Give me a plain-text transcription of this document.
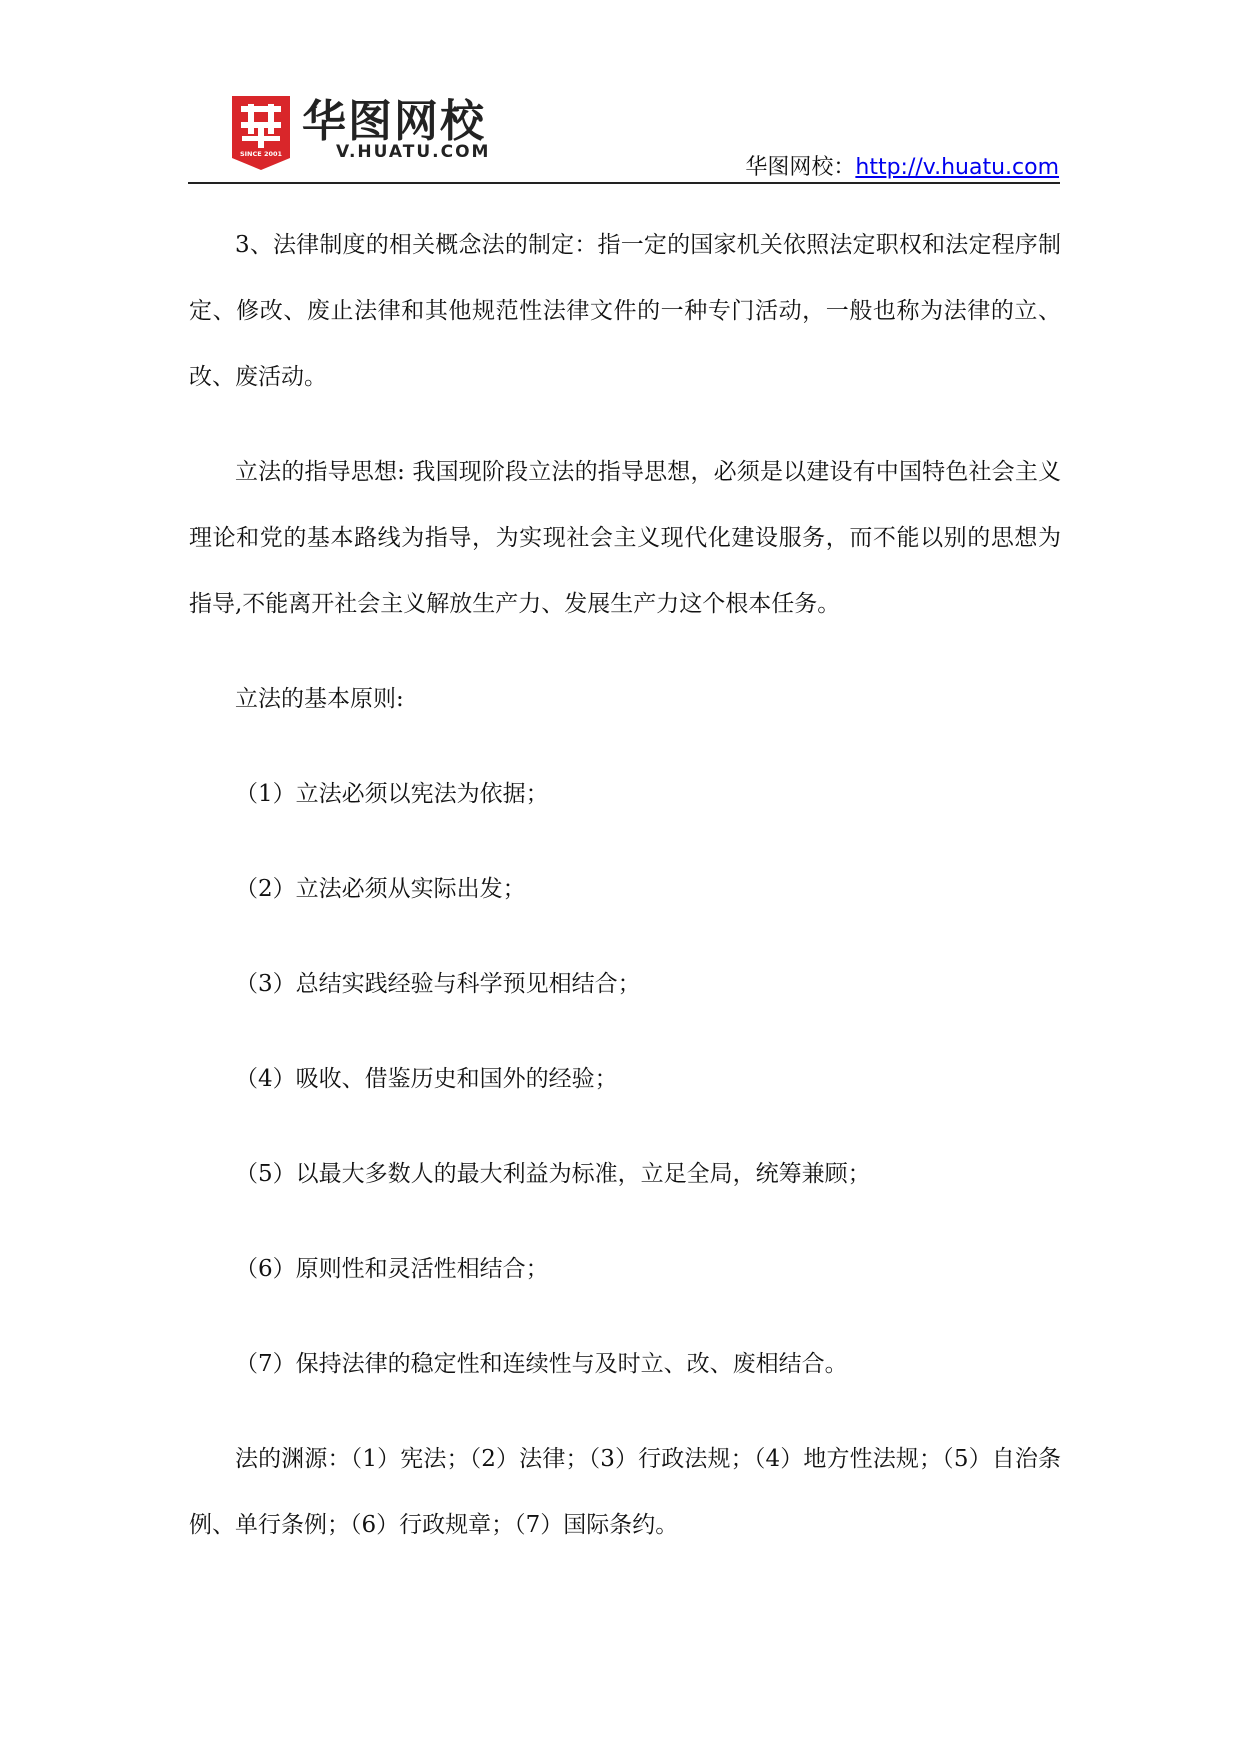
SINCE 2001
华图网校
V.HUATU.COM
华图网校：http://v.huatu.com

3、法律制度的相关概念法的制定：指一定的国家机关依照法定职权和法定程序制定、修改、废止法律和其他规范性法律文件的一种专门活动，一般也称为法律的立、改、废活动。

立法的指导思想: 我国现阶段立法的指导思想，必须是以建设有中国特色社会主义理论和党的基本路线为指导，为实现社会主义现代化建设服务，而不能以别的思想为指导,不能离开社会主义解放生产力、发展生产力这个根本任务。

立法的基本原则:

（1）立法必须以宪法为依据；

（2）立法必须从实际出发；

（3）总结实践经验与科学预见相结合；

（4）吸收、借鉴历史和国外的经验；

（5）以最大多数人的最大利益为标准，立足全局，统筹兼顾；

（6）原则性和灵活性相结合；

（7）保持法律的稳定性和连续性与及时立、改、废相结合。

法的渊源：（1）宪法；（2）法律；（3）行政法规；（4）地方性法规；（5）自治条例、单行条例；（6）行政规章；（7）国际条约。
